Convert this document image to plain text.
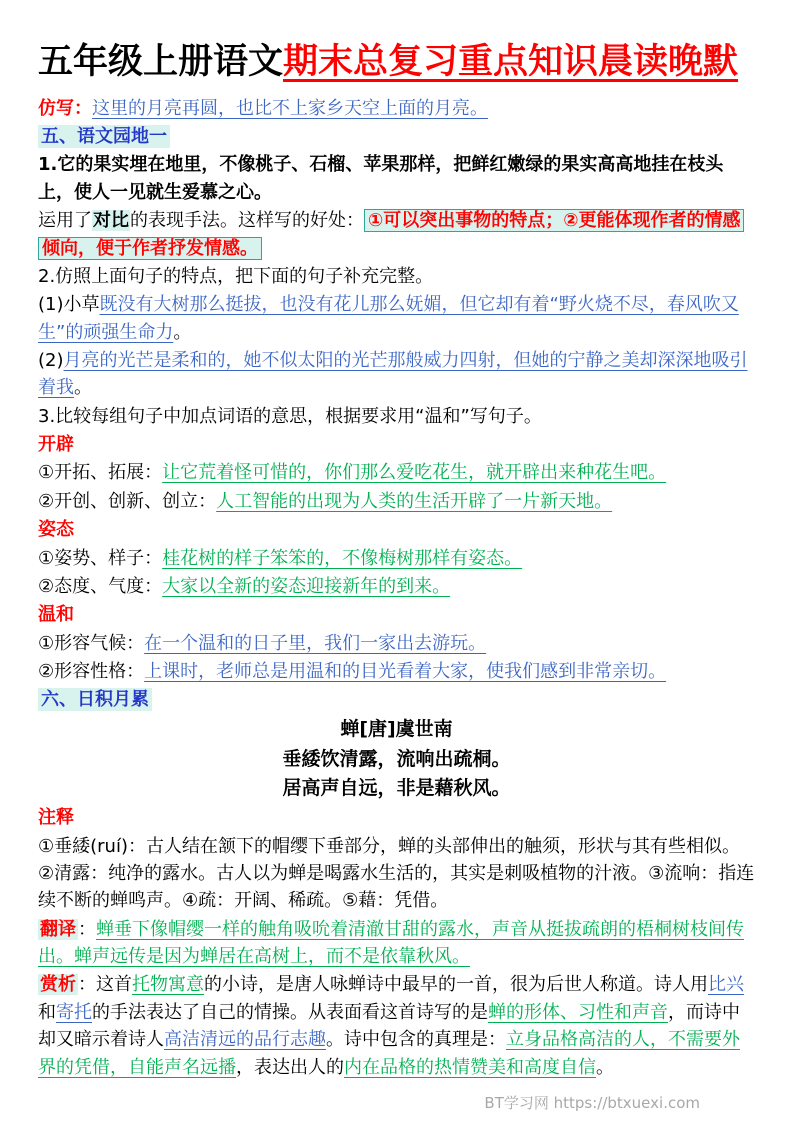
五年级上册语文期末总复习重点知识晨读晚默
仿写：这里的月亮再圆，也比不上家乡天空上面的月亮。
五、语文园地一
1.它的果实埋在地里，不像桃子、石榴、苹果那样，把鲜红嫩绿的果实高高地挂在枝头上，使人一见就生爱慕之心。
运用了对比的表现手法。这样写的好处： ①可以突出事物的特点；②更能体现作者的情感倾向，便于作者抒发情感。
2.仿照上面句子的特点，把下面的句子补充完整。
(1)小草既没有大树那么挺拔，也没有花儿那么妩媚，但它却有着“野火烧不尽，春风吹又生”的顽强生命力。
(2)月亮的光芒是柔和的，她不似太阳的光芒那般威力四射，但她的宁静之美却深深地吸引着我。
3.比较每组句子中加点词语的意思，根据要求用“温和”写句子。
开辟
①开拓、拓展：让它荒着怪可惜的，你们那么爱吃花生，就开辟出来种花生吧。
②开创、创新、创立：人工智能的出现为人类的生活开辟了一片新天地。
姿态
①姿势、样子：桂花树的样子笨笨的，不像梅树那样有姿态。
②态度、气度：大家以全新的姿态迎接新年的到来。
温和
①形容气候：在一个温和的日子里，我们一家出去游玩。
②形容性格：上课时，老师总是用温和的目光看着大家，使我们感到非常亲切。
六、日积月累
蝉[唐]虞世南
垂緌饮清露，流响出疏桐。
居高声自远，非是藉秋风。
注释
①垂緌(ruí)：古人结在颔下的帽缨下垂部分，蝉的头部伸出的触须，形状与其有些相似。②清露：纯净的露水。古人以为蝉是喝露水生活的，其实是刺吸植物的汁液。③流响：指连续不断的蝉鸣声。④疏：开阔、稀疏。⑤藉：凭借。
翻译 ：蝉垂下像帽缨一样的触角吸吮着清澈甘甜的露水，声音从挺拔疏朗的梧桐树枝间传出。蝉声远传是因为蝉居在高树上，而不是依靠秋风。
赏析 ：这首托物寓意的小诗，是唐人咏蝉诗中最早的一首，很为后世人称道。诗人用比兴和寄托的手法表达了自己的情操。从表面看这首诗写的是蝉的形体、习性和声音，而诗中却又暗示着诗人高洁清远的品行志趣。诗中包含的真理是：立身品格高洁的人，不需要外界的凭借，自能声名远播，表达出人的内在品格的热情赞美和高度自信。
BT学习网 https://btxuexi.com
